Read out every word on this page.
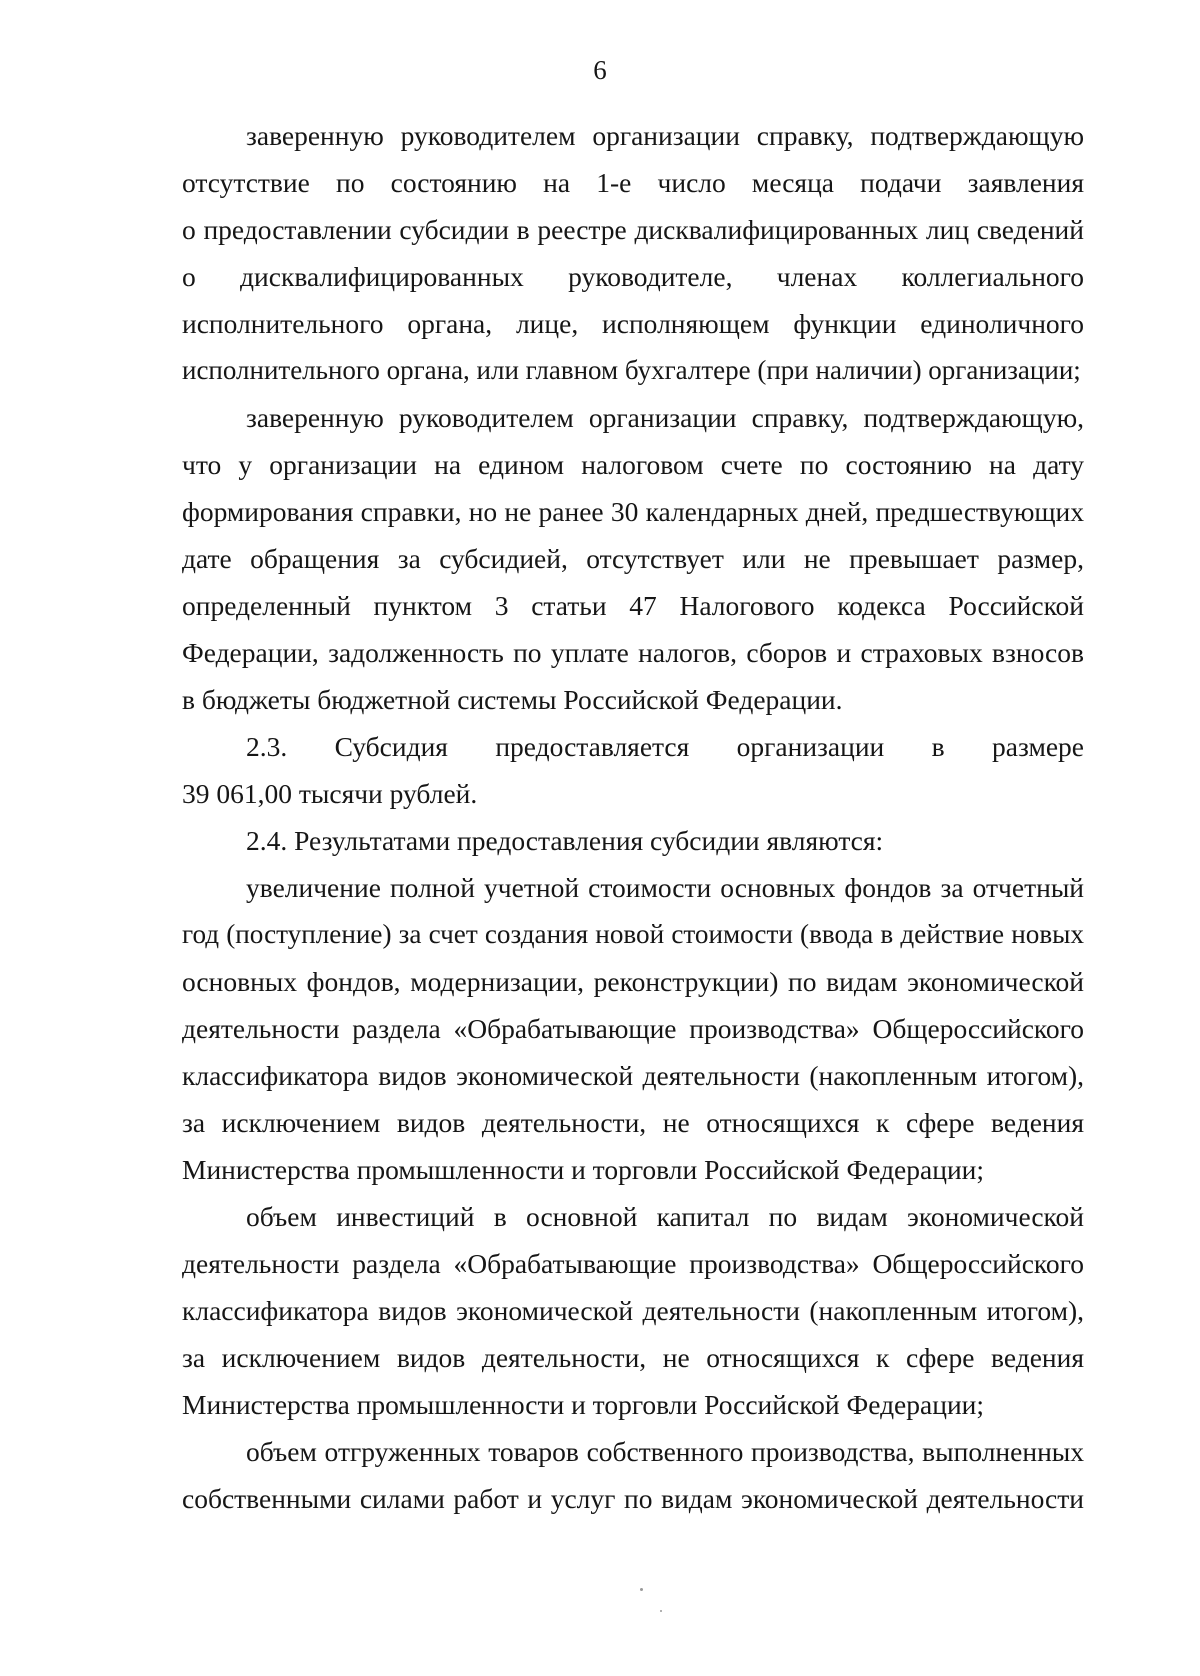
6
заверенную руководителем организации справку, подтверждающую
отсутствие по состоянию на 1-е число месяца подачи заявления
о предоставлении субсидии в реестре дисквалифицированных лиц сведений
о дисквалифицированных руководителе, членах коллегиального
исполнительного органа, лице, исполняющем функции единоличного
исполнительного органа, или главном бухгалтере (при наличии) организации;
заверенную руководителем организации справку, подтверждающую,
что у организации на едином налоговом счете по состоянию на дату
формирования справки, но не ранее 30 календарных дней, предшествующих
дате обращения за субсидией, отсутствует или не превышает размер,
определенный пунктом 3 статьи 47 Налогового кодекса Российской
Федерации, задолженность по уплате налогов, сборов и страховых взносов
в бюджеты бюджетной системы Российской Федерации.
2.3. Субсидия предоставляется организации в размере
39 061,00 тысячи рублей.
2.4. Результатами предоставления субсидии являются:
увеличение полной учетной стоимости основных фондов за отчетный
год (поступление) за счет создания новой стоимости (ввода в действие новых
основных фондов, модернизации, реконструкции) по видам экономической
деятельности раздела «Обрабатывающие производства» Общероссийского
классификатора видов экономической деятельности (накопленным итогом),
за исключением видов деятельности, не относящихся к сфере ведения
Министерства промышленности и торговли Российской Федерации;
объем инвестиций в основной капитал по видам экономической
деятельности раздела «Обрабатывающие производства» Общероссийского
классификатора видов экономической деятельности (накопленным итогом),
за исключением видов деятельности, не относящихся к сфере ведения
Министерства промышленности и торговли Российской Федерации;
объем отгруженных товаров собственного производства, выполненных
собственными силами работ и услуг по видам экономической деятельности
